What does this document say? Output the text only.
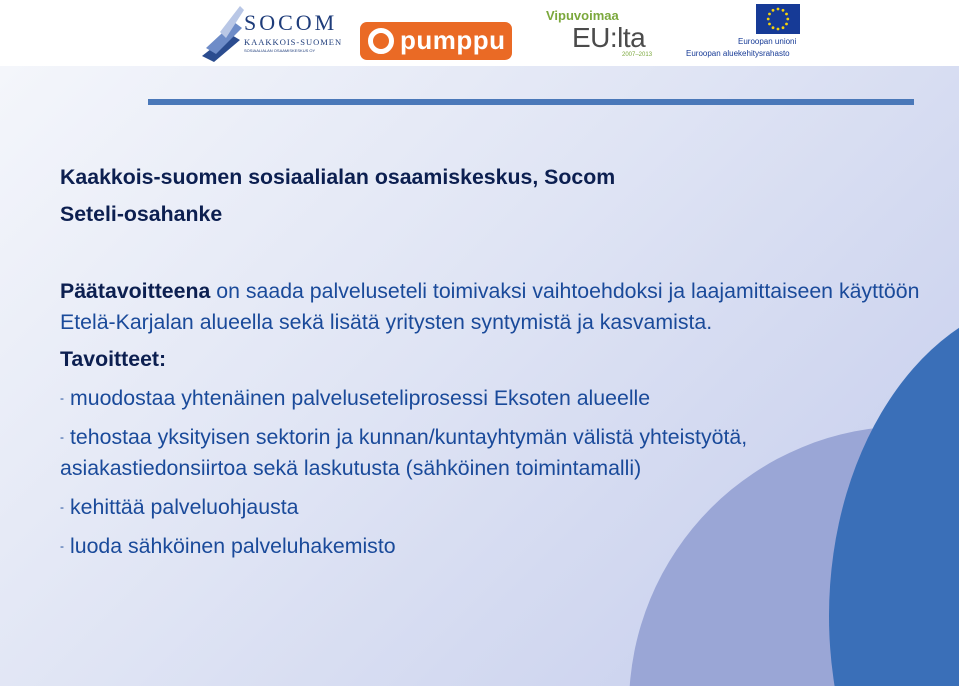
SOCOM
KAAKKOIS-SUOMEN
SOSIAALIALAN OSAAMISKESKUS OY	pumppu
Vipuvoimaa
EU:lta
2007–2013
Euroopan unioni
Euroopan aluekehitysrahasto
Kaakkois-suomen sosiaalialan osaamiskeskus, Socom
Seteli-osahanke

Päätavoitteena on saada palveluseteli toimivaksi vaihtoehdoksi ja laajamittaiseen käyttöön Etelä-Karjalan alueella sekä lisätä yritysten syntymistä ja kasvamista.

Tavoitteet:
- muodostaa yhtenäinen palveluseteliprosessi Eksoten alueelle
- tehostaa yksityisen sektorin ja kunnan/kuntayhtymän välistä yhteistyötä, asiakastiedonsiirtoa sekä laskutusta (sähköinen toimintamalli)
- kehittää palveluohjausta
- luoda sähköinen palveluhakemisto
